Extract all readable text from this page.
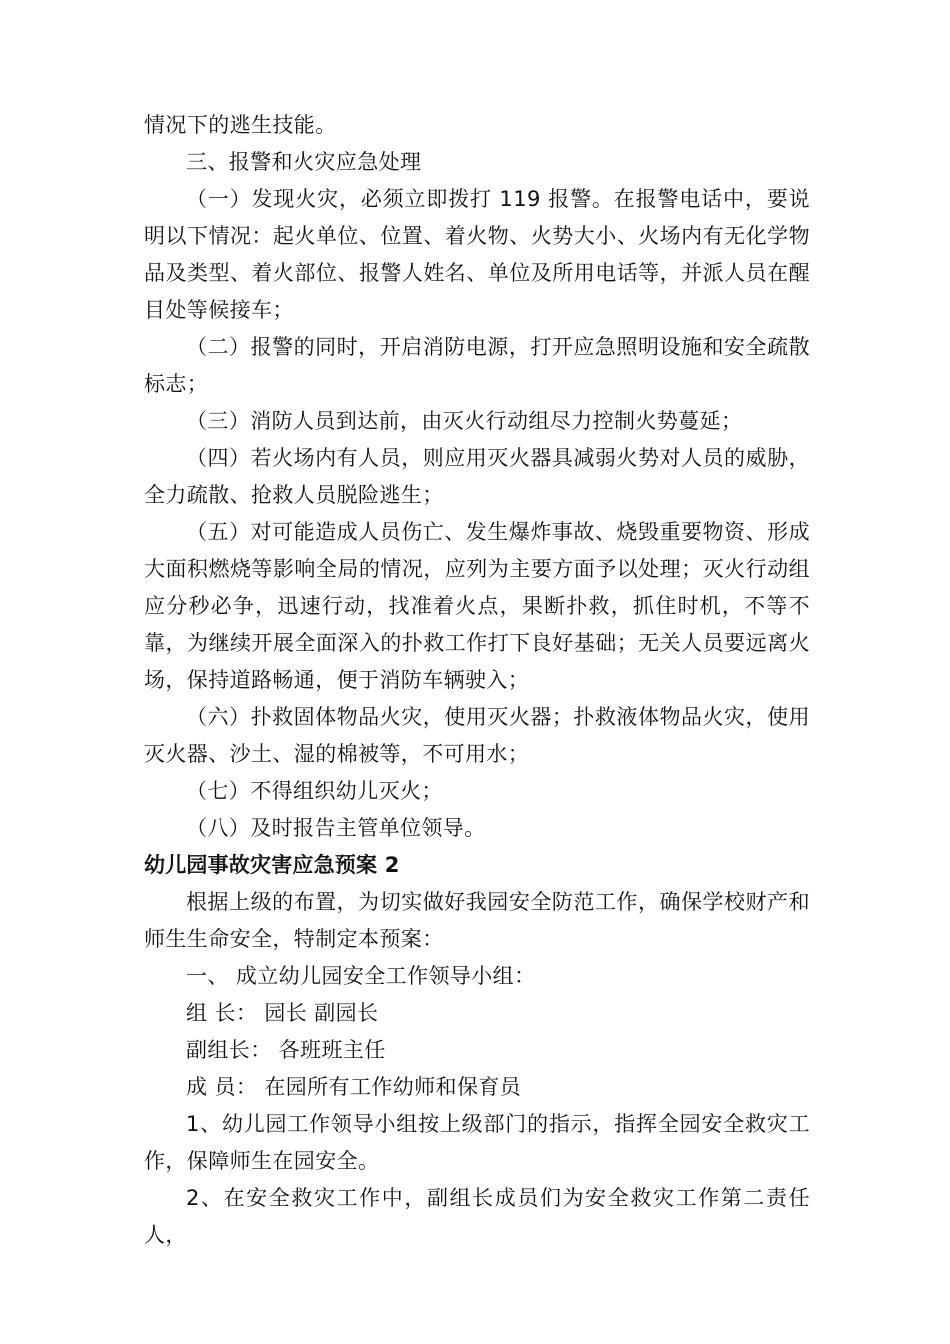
情况下的逃生技能。

三、报警和火灾应急处理

（一）发现火灾，必须立即拨打 119 报警。在报警电话中，要说明以下情况：起火单位、位置、着火物、火势大小、火场内有无化学物品及类型、着火部位、报警人姓名、单位及所用电话等，并派人员在醒目处等候接车；

（二）报警的同时，开启消防电源，打开应急照明设施和安全疏散标志；

（三）消防人员到达前，由灭火行动组尽力控制火势蔓延；

（四）若火场内有人员，则应用灭火器具减弱火势对人员的威胁，全力疏散、抢救人员脱险逃生；

（五）对可能造成人员伤亡、发生爆炸事故、烧毁重要物资、形成大面积燃烧等影响全局的情况，应列为主要方面予以处理；灭火行动组应分秒必争，迅速行动，找准着火点，果断扑救，抓住时机，不等不靠，为继续开展全面深入的扑救工作打下良好基础；无关人员要远离火场，保持道路畅通，便于消防车辆驶入；

（六）扑救固体物品火灾，使用灭火器；扑救液体物品火灾，使用灭火器、沙土、湿的棉被等，不可用水；

（七）不得组织幼儿灭火；

（八）及时报告主管单位领导。

幼儿园事故灾害应急预案 2

根据上级的布置，为切实做好我园安全防范工作，确保学校财产和师生生命安全，特制定本预案：

一、 成立幼儿园安全工作领导小组：

组 长： 园长 副园长

副组长： 各班班主任

成 员： 在园所有工作幼师和保育员

1、幼儿园工作领导小组按上级部门的指示，指挥全园安全救灾工作，保障师生在园安全。

2、在安全救灾工作中，副组长成员们为安全救灾工作第二责任人，
